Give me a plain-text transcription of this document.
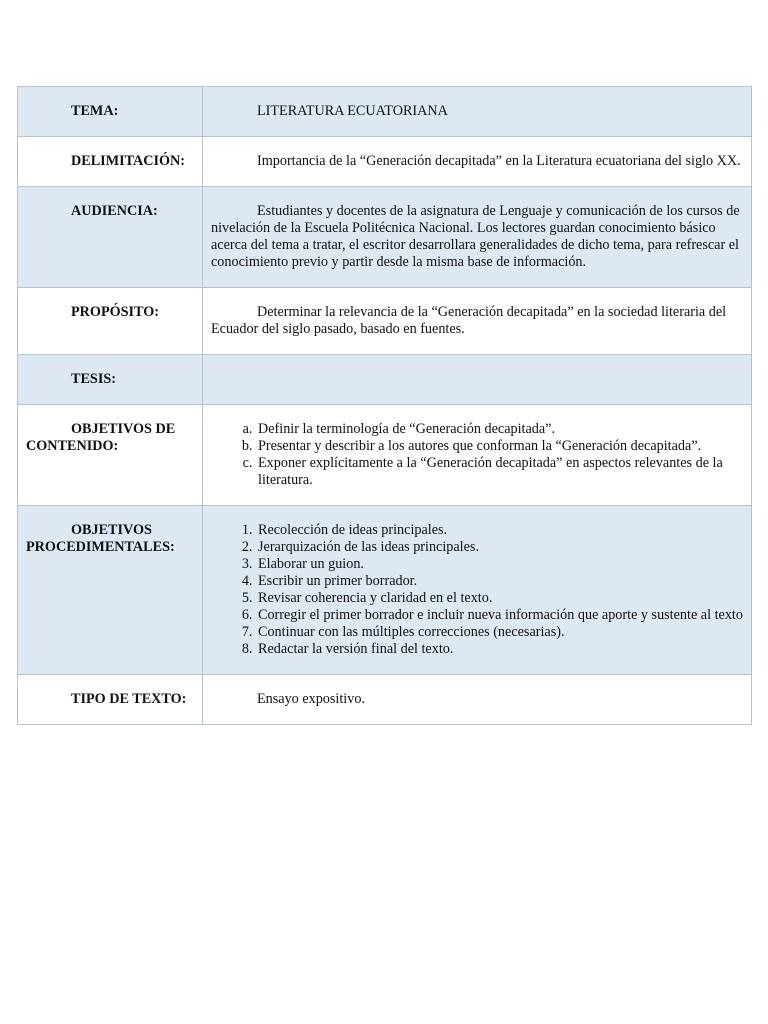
TEMA:	LITERATURA ECUATORIANA
DELIMITACIÓN:	Importancia de la “Generación decapitada” en la Literatura ecuatoriana del siglo XX.
AUDIENCIA:	Estudiantes y docentes de la asignatura de Lenguaje y comunicación de los cursos de nivelación de la Escuela Politécnica Nacional. Los lectores guardan conocimiento básico acerca del tema a tratar, el escritor desarrollara generalidades de dicho tema, para refrescar el conocimiento previo y partir desde la misma base de información.
PROPÓSITO:	Determinar la relevancia de la “Generación decapitada” en la sociedad literaria del Ecuador del siglo pasado, basado en fuentes.
TESIS:
OBJETIVOS DE CONTENIDO:
a. Definir la terminología de “Generación decapitada”.
b. Presentar y describir a los autores que conforman la “Generación decapitada”.
c. Exponer explícitamente a la “Generación decapitada” en aspectos relevantes de la literatura.
OBJETIVOS PROCEDIMENTALES:
1. Recolección de ideas principales.
2. Jerarquización de las ideas principales.
3. Elaborar un guion.
4. Escribir un primer borrador.
5. Revisar coherencia y claridad en el texto.
6. Corregir el primer borrador e incluir nueva información que aporte y sustente al texto
7. Continuar con las múltiples correcciones (necesarias).
8. Redactar la versión final del texto.
TIPO DE TEXTO:	Ensayo expositivo.
